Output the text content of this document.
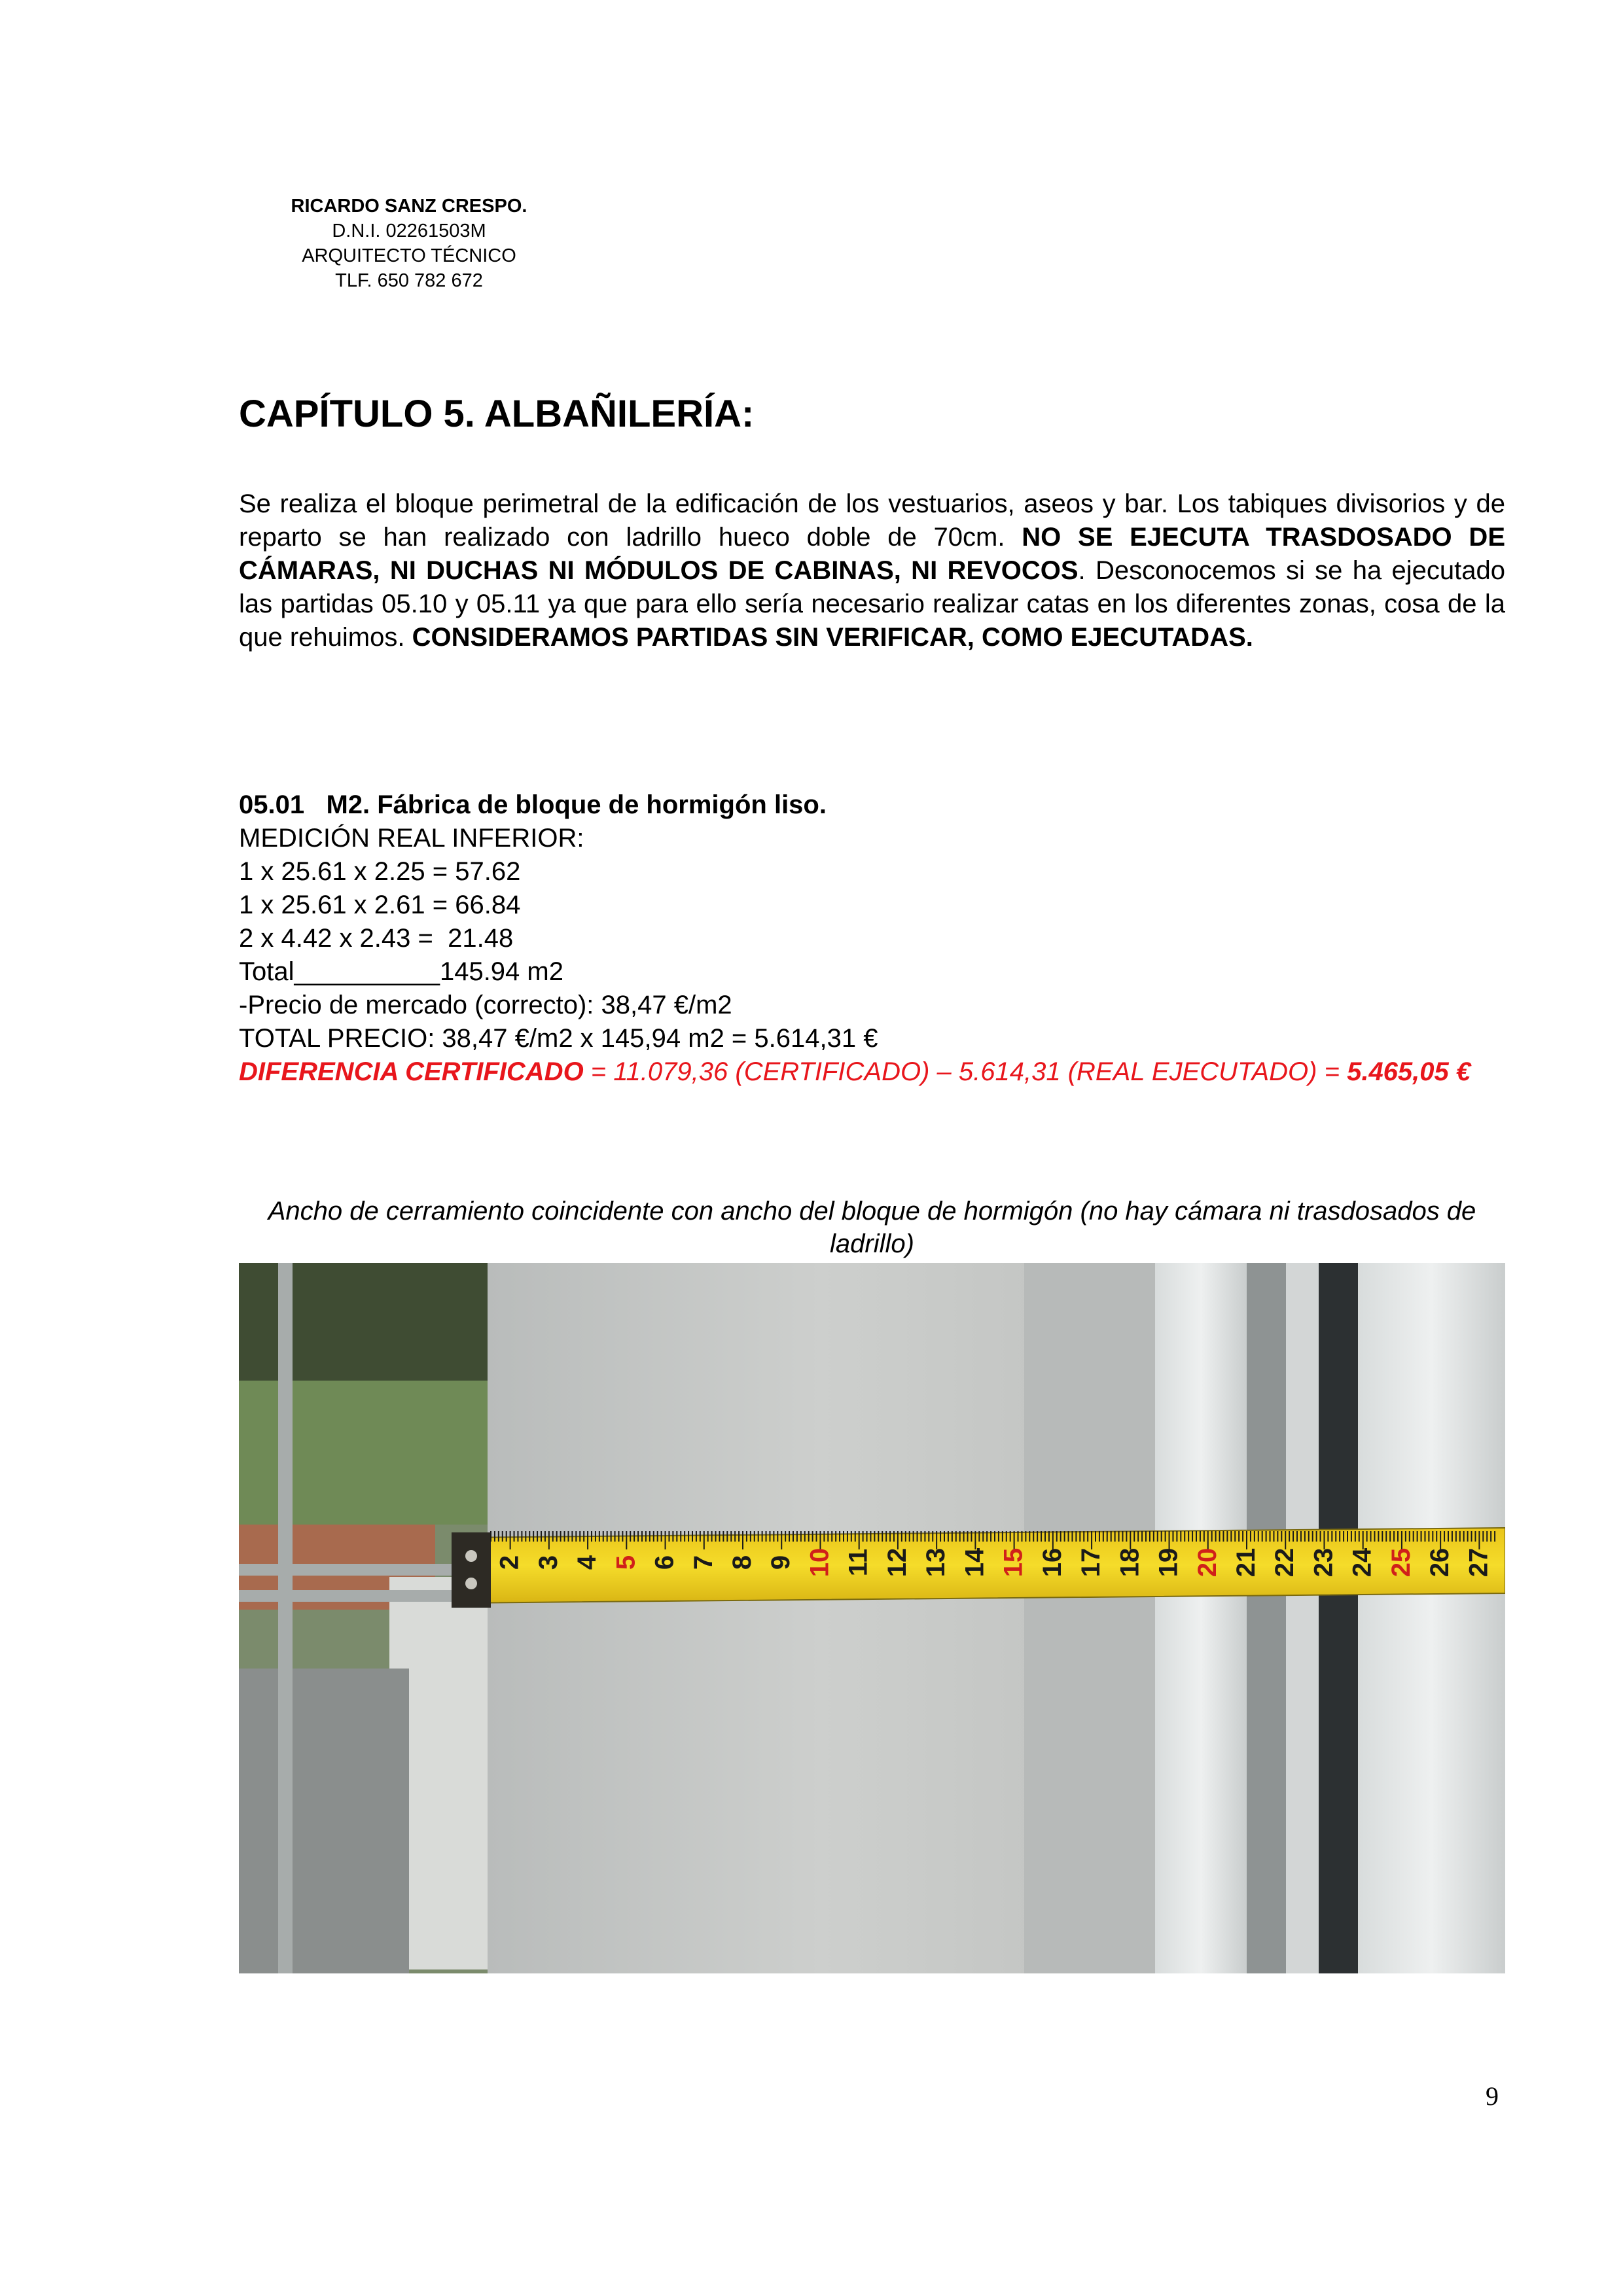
RICARDO SANZ CRESPO.
D.N.I. 02261503M
ARQUITECTO TÉCNICO
TLF. 650 782 672
CAPÍTULO 5. ALBAÑILERÍA:

Se realiza el bloque perimetral de la edificación de los vestuarios, aseos y bar. Los tabiques divisorios y de reparto se han realizado con ladrillo hueco doble de 70cm. NO SE EJECUTA TRASDOSADO DE CÁMARAS, NI DUCHAS NI MÓDULOS DE CABINAS, NI REVOCOS. Desconocemos si se ha ejecutado las partidas 05.10 y 05.11 ya que para ello sería necesario realizar catas en los diferentes zonas, cosa de la que rehuimos. CONSIDERAMOS PARTIDAS SIN VERIFICAR, COMO EJECUTADAS.

05.01   M2. Fábrica de bloque de hormigón liso.
MEDICIÓN REAL INFERIOR:
1 x 25.61 x 2.25 = 57.62
1 x 25.61 x 2.61 = 66.84
2 x 4.42 x 2.43 =  21.48
Total__________145.94 m2
-Precio de mercado (correcto): 38,47 €/m2
TOTAL PRECIO: 38,47 €/m2 x 145,94 m2 = 5.614,31 €
DIFERENCIA CERTIFICADO = 11.079,36 (CERTIFICADO) – 5.614,31 (REAL EJECUTADO) = 5.465,05 €
Ancho de cerramiento coincidente con ancho del bloque de hormigón (no hay cámara ni trasdosados de ladrillo)
2 3 4 5 6 7 8 9 10 11 12 13 14 15 16 17 18 19 20 21 22 23 24 25 26 27
9
